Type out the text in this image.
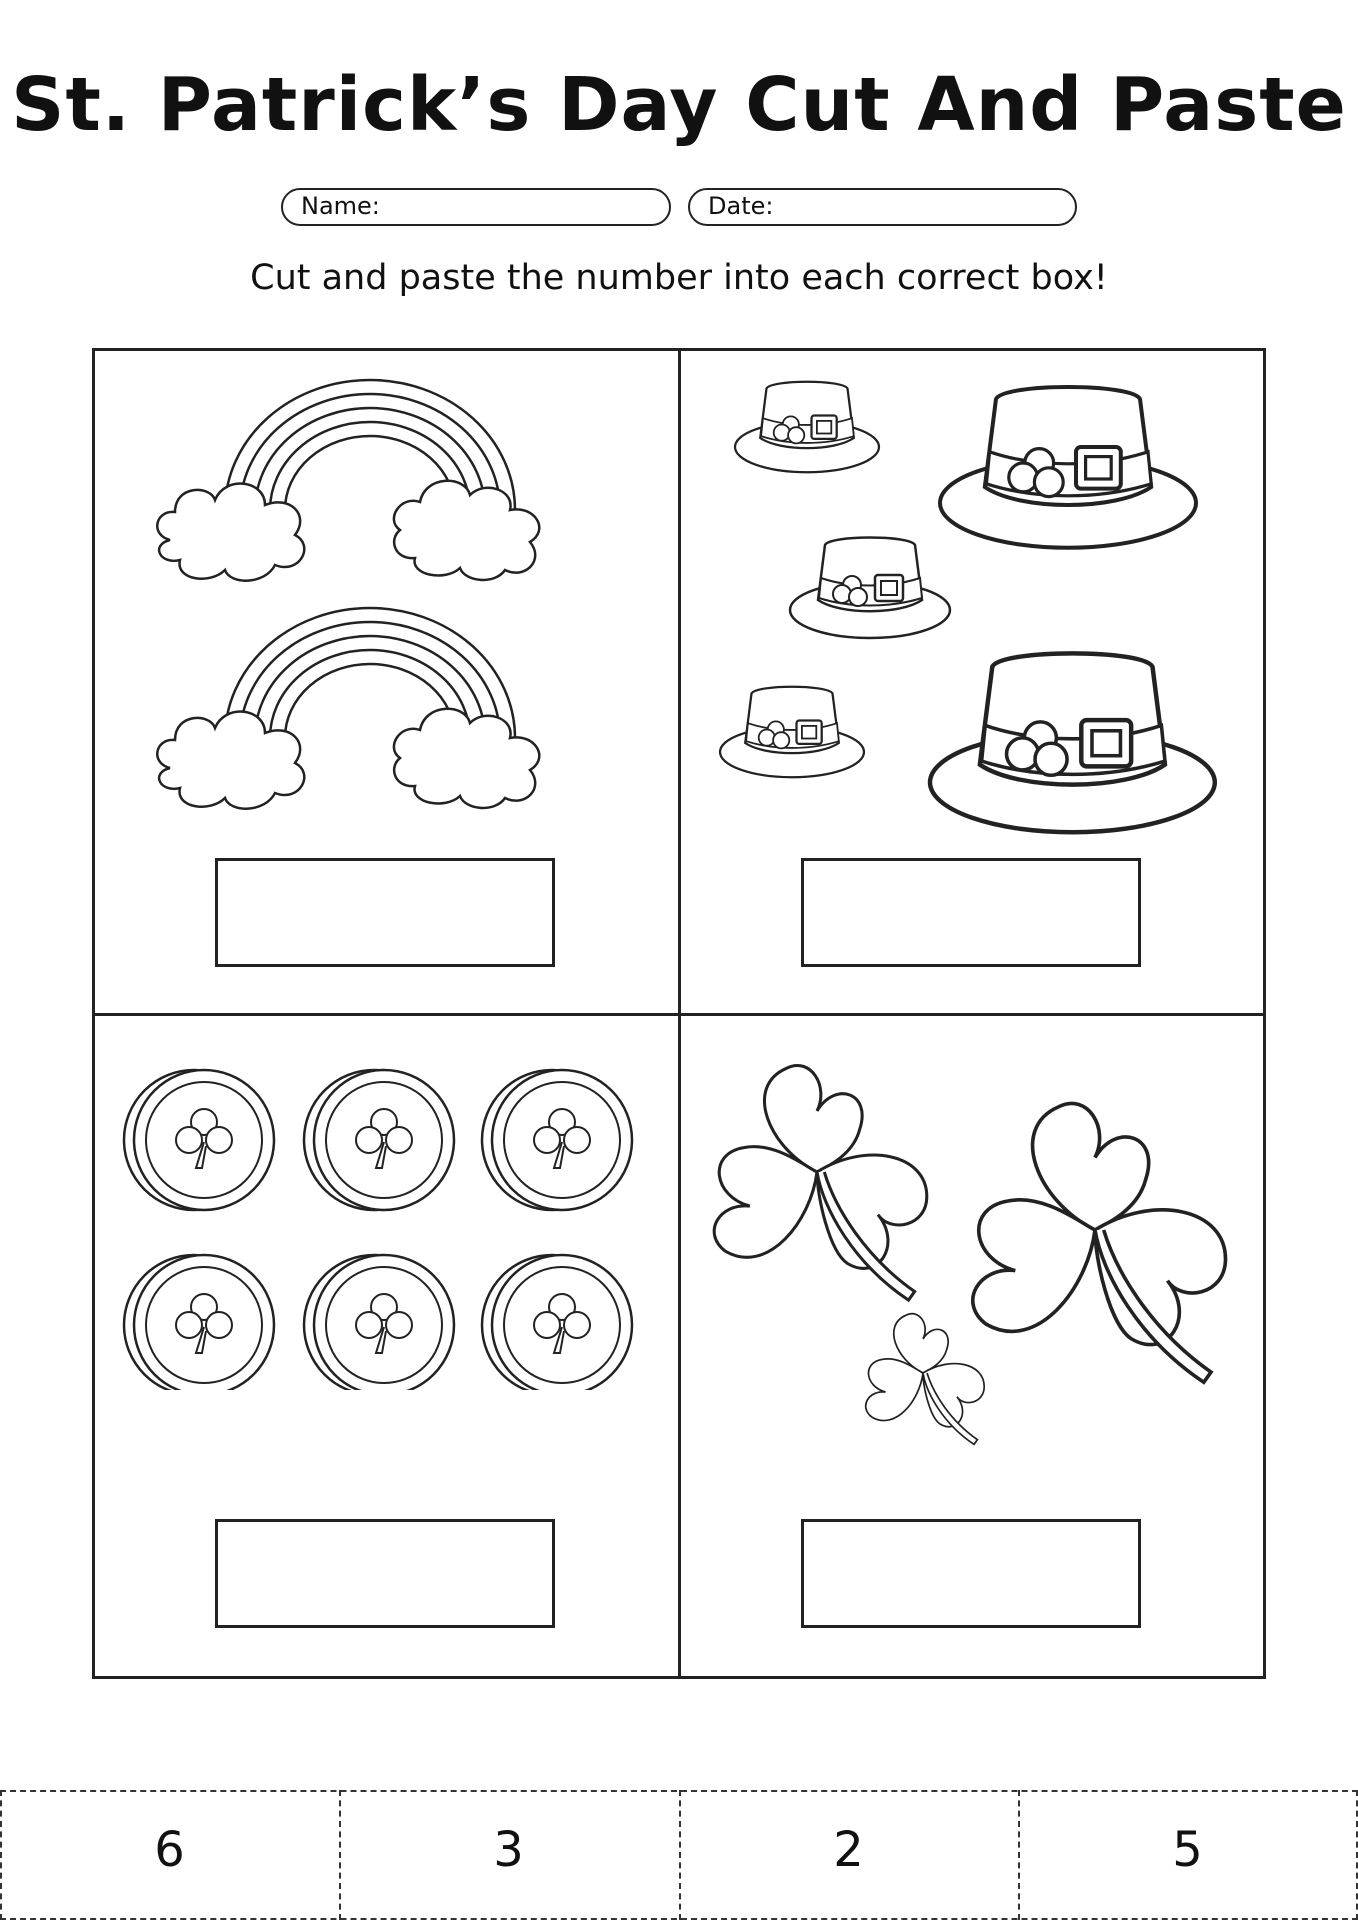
St. Patrick’s Day Cut And Paste
Name:	Date:
Cut and paste the number into each correct box!
6	3	2	5
